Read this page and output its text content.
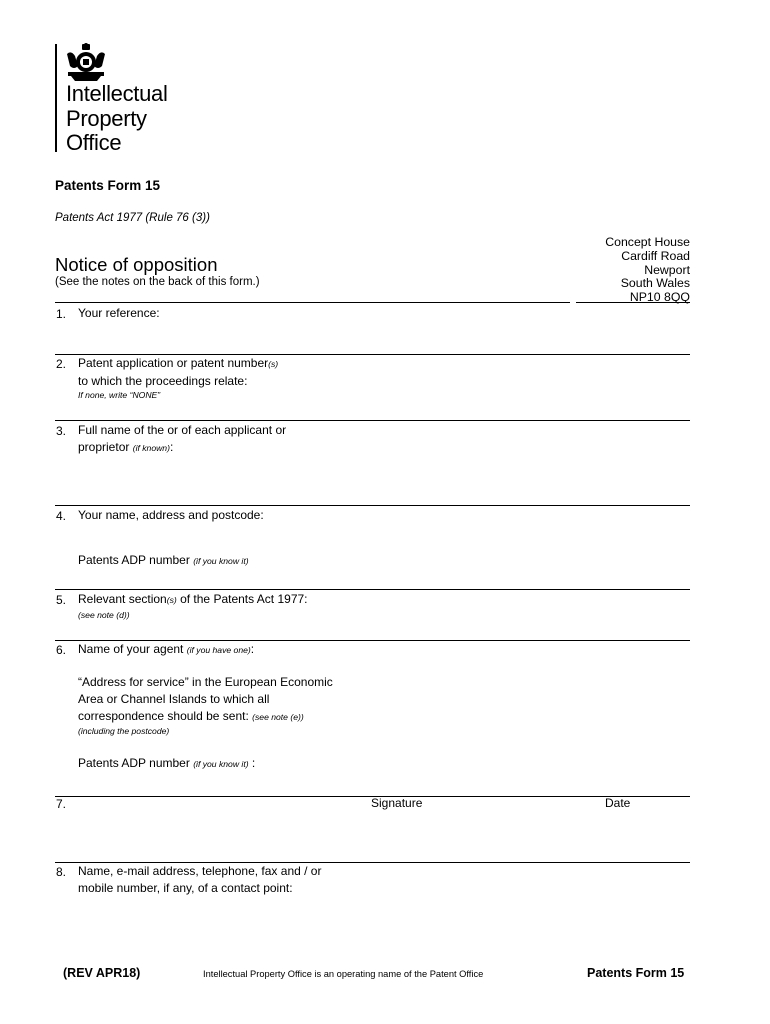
Intellectual
Property
Office
Patents Form 15
Patents Act 1977 (Rule 76 (3))
Concept House
Cardiff Road
Newport
South Wales
NP10 8QQ
Notice of opposition
(See the notes on the back of this form.)
1. Your reference:
2. Patent application or patent number(s)
to which the proceedings relate:
If none, write “NONE”
3. Full name of the or of each applicant or
proprietor (if known):
4. Your name, address and postcode:
Patents ADP number (if you know it)
5. Relevant section(s) of the Patents Act 1977:
(see note (d))
6. Name of your agent (if you have one):
“Address for service” in the European Economic
Area or Channel Islands to which all
correspondence should be sent: (see note (e))
(including the postcode)
Patents ADP number (if you know it) :
7.	Signature	Date
8. Name, e-mail address, telephone, fax and / or
mobile number, if any, of a contact point:
(REV APR18)	Intellectual Property Office is an operating name of the Patent Office	Patents Form 15
